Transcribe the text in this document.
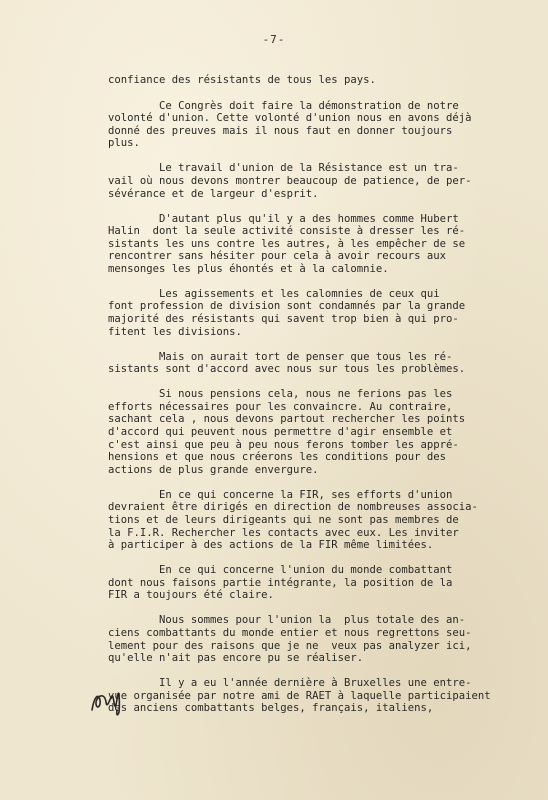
-7-
confiance des résistants de tous les pays.
Ce Congrès doit faire la démonstration de notre
volonté d'union. Cette volonté d'union nous en avons déjà
donné des preuves mais il nous faut en donner toujours
plus.
Le travail d'union de la Résistance est un tra-
vail où nous devons montrer beaucoup de patience, de per-
sévérance et de largeur d'esprit.
D'autant plus qu'il y a des hommes comme Hubert
Halin  dont la seule activité consiste à dresser les ré-
sistants les uns contre les autres, à les empêcher de se
rencontrer sans hésiter pour cela à avoir recours aux
mensonges les plus éhontés et à la calomnie.
Les agissements et les calomnies de ceux qui
font profession de division sont condamnés par la grande
majorité des résistants qui savent trop bien à qui pro-
fitent les divisions.
Mais on aurait tort de penser que tous les ré-
sistants sont d'accord avec nous sur tous les problèmes.
Si nous pensions cela, nous ne ferions pas les
efforts nécessaires pour les convaincre. Au contraire,
sachant cela , nous devons partout rechercher les points
d'accord qui peuvent nous permettre d'agir ensemble et
c'est ainsi que peu à peu nous ferons tomber les appré-
hensions et que nous créerons les conditions pour des
actions de plus grande envergure.
En ce qui concerne la FIR, ses efforts d'union
devraient être dirigés en direction de nombreuses associa-
tions et de leurs dirigeants qui ne sont pas membres de
la F.I.R. Rechercher les contacts avec eux. Les inviter
à participer à des actions de la FIR même limitées.
En ce qui concerne l'union du monde combattant
dont nous faisons partie intégrante, la position de la
FIR a toujours été claire.
Nous sommes pour l'union la  plus totale des an-
ciens combattants du monde entier et nous regrettons seu-
lement pour des raisons que je ne  veux pas analyzer ici,
qu'elle n'ait pas encore pu se réaliser.
Il y a eu l'année dernière à Bruxelles une entre-
vue organisée par notre ami de RAET à laquelle participaient
des anciens combattants belges, français, italiens,
